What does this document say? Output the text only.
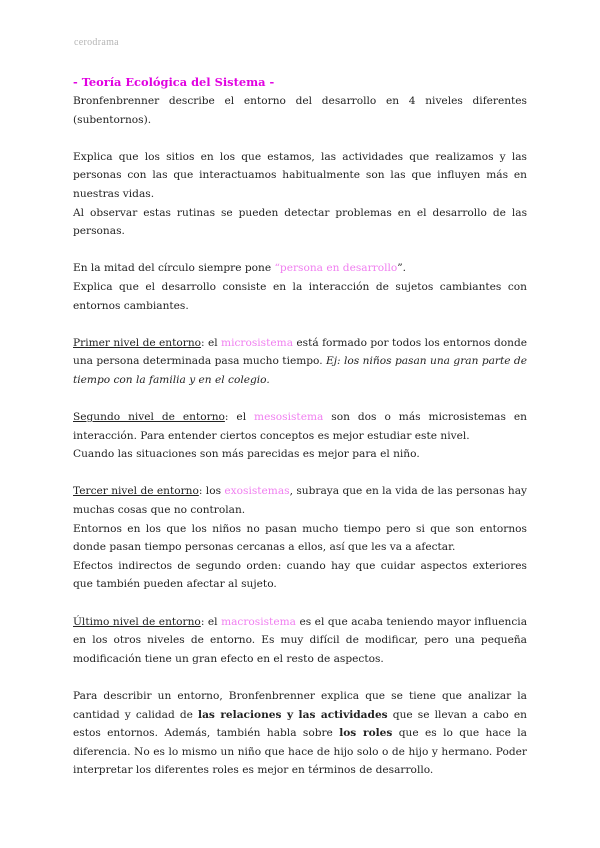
cerodrama
- Teoría Ecológica del Sistema -

Bronfenbrenner describe el entorno del desarrollo en 4 niveles diferentes (subentornos).

Explica que los sitios en los que estamos, las actividades que realizamos y las personas con las que interactuamos habitualmente son las que influyen más en nuestras vidas.

Al observar estas rutinas se pueden detectar problemas en el desarrollo de las personas.

En la mitad del círculo siempre pone “persona en desarrollo”.

Explica que el desarrollo consiste en la interacción de sujetos cambiantes con entornos cambiantes.

Primer nivel de entorno: el microsistema está formado por todos los entornos donde una persona determinada pasa mucho tiempo. Ej: los niños pasan una gran parte de tiempo con la familia y en el colegio.

Segundo nivel de entorno: el mesosistema son dos o más microsistemas en interacción. Para entender ciertos conceptos es mejor estudiar este nivel.

Cuando las situaciones son más parecidas es mejor para el niño.

Tercer nivel de entorno: los exosistemas, subraya que en la vida de las personas hay muchas cosas que no controlan.

Entornos en los que los niños no pasan mucho tiempo pero si que son entornos donde pasan tiempo personas cercanas a ellos, así que les va a afectar.

Efectos indirectos de segundo orden: cuando hay que cuidar aspectos exteriores que también pueden afectar al sujeto.

Último nivel de entorno: el macrosistema es el que acaba teniendo mayor influencia en los otros niveles de entorno. Es muy difícil de modificar, pero una pequeña modificación tiene un gran efecto en el resto de aspectos.

Para describir un entorno, Bronfenbrenner explica que se tiene que analizar la cantidad y calidad de las relaciones y las actividades que se llevan a cabo en estos entornos. Además, también habla sobre los roles que es lo que hace la diferencia. No es lo mismo un niño que hace de hijo solo o de hijo y hermano. Poder interpretar los diferentes roles es mejor en términos de desarrollo.
